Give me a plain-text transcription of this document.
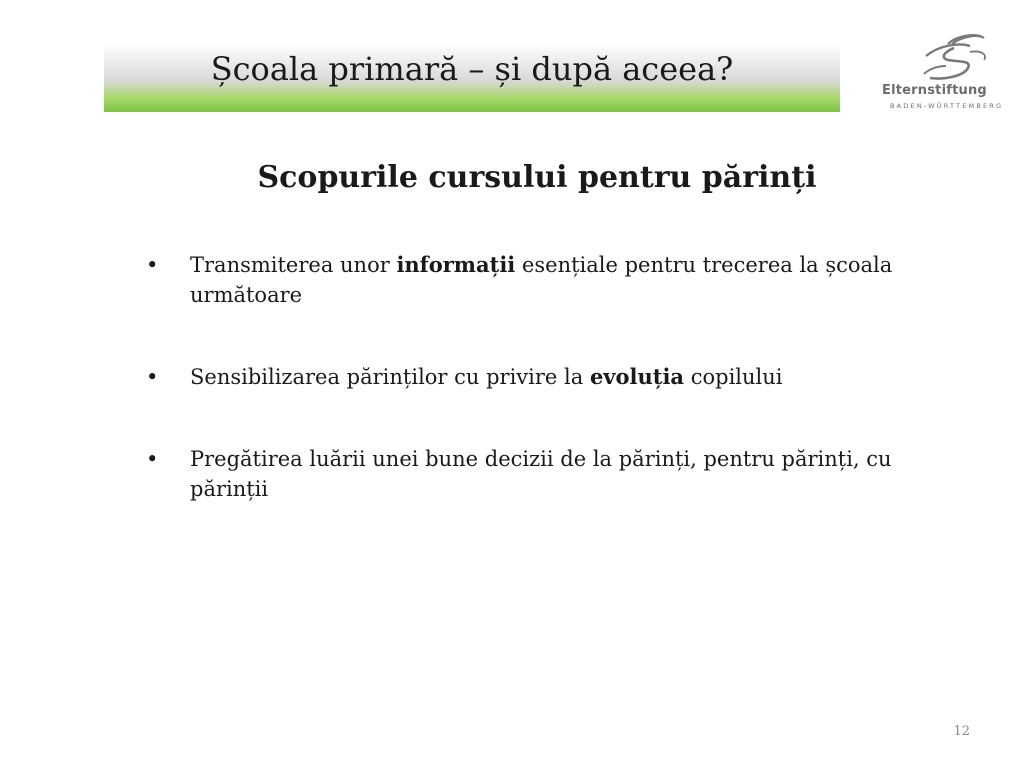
Școala primară – și după aceea?
Elternstiftung
BADEN-WÜRTTEMBERG
Scopurile cursului pentru părinți
• Transmiterea unor informații esențiale pentru trecerea la școala următoare
• Sensibilizarea părinților cu privire la evoluția copilului
• Pregătirea luării unei bune decizii de la părinți, pentru părinți, cu părinții
12
